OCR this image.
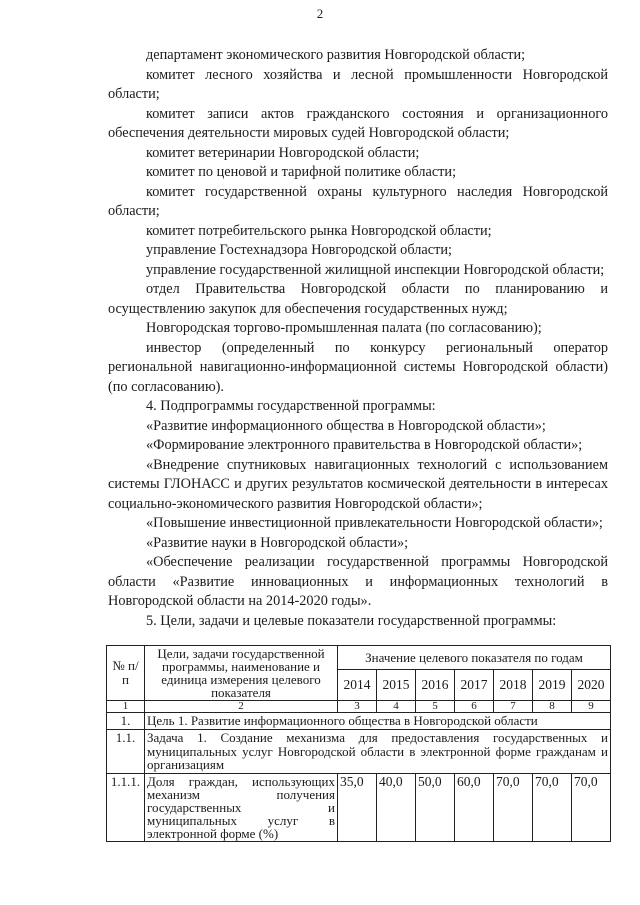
2

департамент экономического развития Новгородской области;

комитет лесного хозяйства и лесной промышленности Новгородской области;

комитет записи актов гражданского состояния и организационного обеспечения деятельности мировых судей Новгородской области;

комитет ветеринарии Новгородской области;

комитет по ценовой и тарифной политике области;

комитет государственной охраны культурного наследия Новгородской области;

комитет потребительского рынка Новгородской области;

управление Гостехнадзора Новгородской области;

управление государственной жилищной инспекции Новгородской области;

отдел Правительства Новгородской области по планированию и осуществлению закупок для обеспечения государственных нужд;

Новгородская торгово-промышленная палата (по согласованию);

инвестор (определенный по конкурсу региональный оператор региональной навигационно-информационной системы Новгородской области) (по согласованию).

4. Подпрограммы государственной программы:

«Развитие информационного общества в Новгородской области»;

«Формирование электронного правительства в Новгородской области»;

«Внедрение спутниковых навигационных технологий с использованием системы ГЛОНАСС и других результатов космической деятельности в интересах социально-экономического развития Новгородской области»;

«Повышение инвестиционной привлекательности Новгородской области»;

«Развитие науки в Новгородской области»;

«Обеспечение реализации государственной программы Новгородской области «Развитие инновационных и информационных технологий в Новгородской области на 2014-2020 годы».

5. Цели, задачи и целевые показатели государственной программы:

№ п/п	Цели, задачи государственной программы, наименование и единица измерения целевого показателя	Значение целевого показателя по годам						
		2014	2015	2016	2017	2018	2019	2020
1	2	3	4	5	6	7	8	9
1.	Цель 1. Развитие информационного общества в Новгородской области							
1.1.	Задача 1. Создание механизма для предоставления государственных и муниципальных услуг Новгородской области в электронной форме гражданам и организациям							
1.1.1.	Доля граждан, использующих механизм получения государственных и муниципальных услуг в электронной форме (%)	35,0	40,0	50,0	60,0	70,0	70,0	70,0
